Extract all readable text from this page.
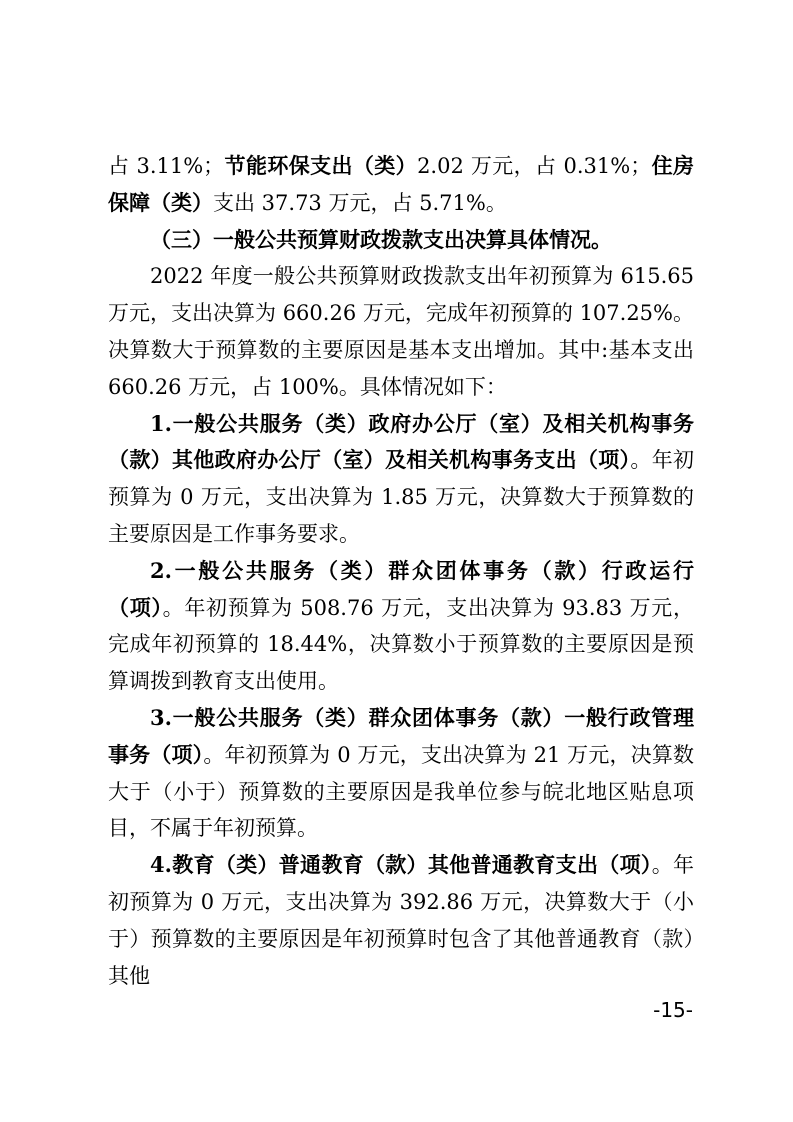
占 3.11%；节能环保支出（类）2.02 万元，占 0.31%；住房保障（类）支出 37.73 万元，占 5.71%。

（三）一般公共预算财政拨款支出决算具体情况。

2022 年度一般公共预算财政拨款支出年初预算为 615.65 万元，支出决算为 660.26 万元，完成年初预算的 107.25%。决算数大于预算数的主要原因是基本支出增加。其中:基本支出 660.26 万元，占 100%。具体情况如下：

1.一般公共服务（类）政府办公厅（室）及相关机构事务（款）其他政府办公厅（室）及相关机构事务支出（项）。年初预算为 0 万元，支出决算为 1.85 万元，决算数大于预算数的主要原因是工作事务要求。

2.一般公共服务（类）群众团体事务（款）行政运行（项）。年初预算为 508.76 万元，支出决算为 93.83 万元，完成年初预算的 18.44%，决算数小于预算数的主要原因是预算调拨到教育支出使用。

3.一般公共服务（类）群众团体事务（款）一般行政管理事务（项）。年初预算为 0 万元，支出决算为 21 万元，决算数大于（小于）预算数的主要原因是我单位参与皖北地区贴息项目，不属于年初预算。

4.教育（类）普通教育（款）其他普通教育支出（项）。年初预算为 0 万元，支出决算为 392.86 万元，决算数大于（小于）预算数的主要原因是年初预算时包含了其他普通教育（款）其他

-15-
